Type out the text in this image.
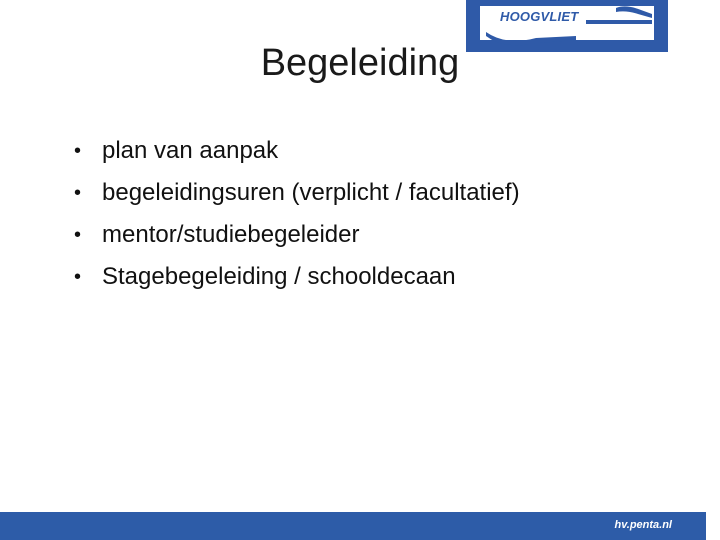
HOOGVLIET
Begeleiding
• plan van aanpak
• begeleidingsuren (verplicht / facultatief)
• mentor/studiebegeleider
• Stagebegeleiding / schooldecaan
hv.penta.nl
